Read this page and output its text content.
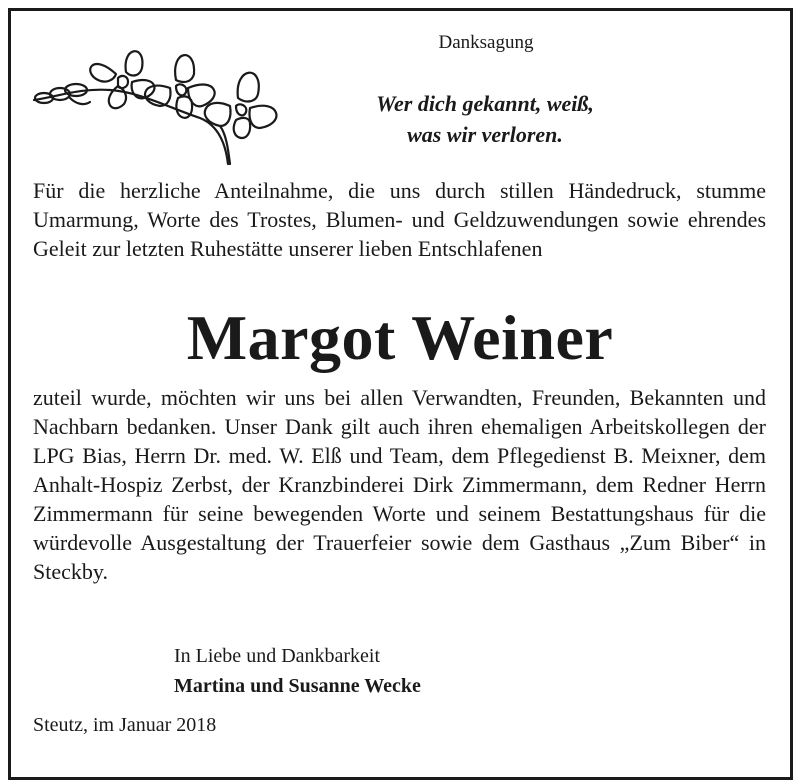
Danksagung
Wer dich gekannt, weiß,
was wir verloren.

Für die herzliche Anteilnahme, die uns durch stillen Händedruck, stumme Umarmung, Worte des Trostes, Blumen- und Geldzuwendungen sowie ehrendes Geleit zur letzten Ruhestätte unserer lieben Entschlafenen

Margot Weiner

zuteil wurde, möchten wir uns bei allen Verwandten, Freunden, Bekannten und Nachbarn bedanken. Unser Dank gilt auch ihren ehemaligen Arbeitskollegen der LPG Bias, Herrn Dr. med. W. Elß und Team, dem Pflegedienst B. Meixner, dem Anhalt-Hospiz Zerbst, der Kranzbinderei Dirk Zimmermann, dem Redner Herrn Zimmermann für seine bewegenden Worte und seinem Bestattungshaus für die würdevolle Ausgestaltung der Trauerfeier sowie dem Gasthaus „Zum Biber“ in Steckby.

In Liebe und Dankbarkeit
Martina und Susanne Wecke
Steutz, im Januar 2018
